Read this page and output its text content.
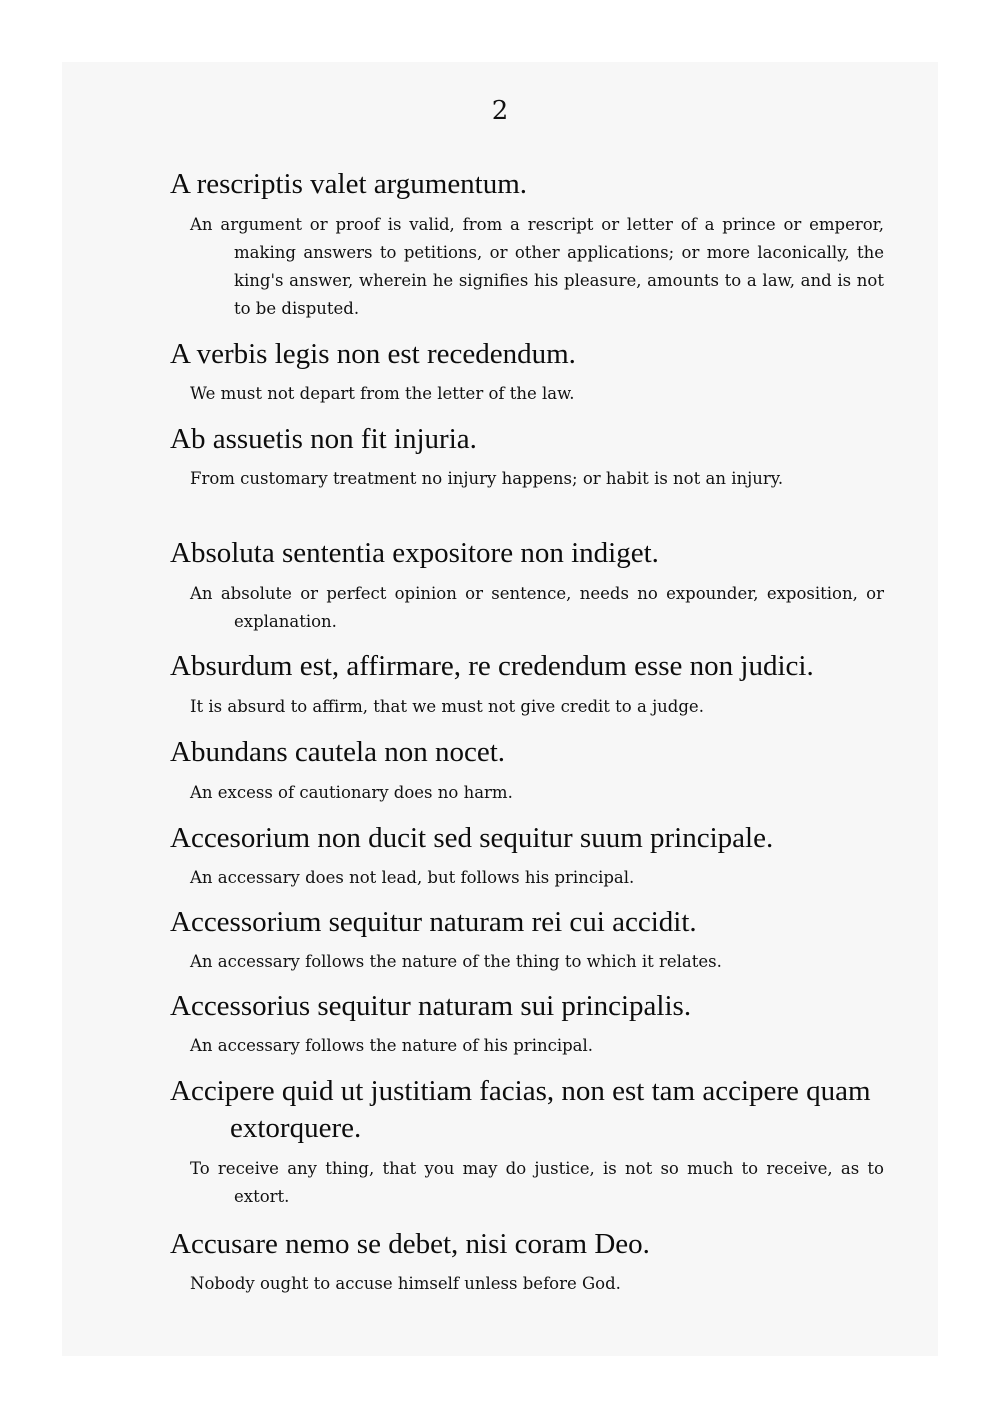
2
A rescriptis valet argumentum.
An argument or proof is valid, from a rescript or letter of a prince or emperor, making answers to petitions, or other applications; or more laconically, the king's answer, wherein he signifies his pleasure, amounts to a law, and is not to be disputed.
A verbis legis non est recedendum.
We must not depart from the letter of the law.
Ab assuetis non fit injuria.
From customary treatment no injury happens; or habit is not an injury.
Absoluta sententia expositore non indiget.
An absolute or perfect opinion or sentence, needs no expounder, exposition, or explanation.
Absurdum est, affirmare, re credendum esse non judici.
It is absurd to affirm, that we must not give credit to a judge.
Abundans cautela non nocet.
An excess of cautionary does no harm.
Accesorium non ducit sed sequitur suum principale.
An accessary does not lead, but follows his principal.
Accessorium sequitur naturam rei cui accidit.
An accessary follows the nature of the thing to which it relates.
Accessorius sequitur naturam sui principalis.
An accessary follows the nature of his principal.
Accipere quid ut justitiam facias, non est tam accipere quam extorquere.
To receive any thing, that you may do justice, is not so much to receive, as to extort.
Accusare nemo se debet, nisi coram Deo.
Nobody ought to accuse himself unless before God.
